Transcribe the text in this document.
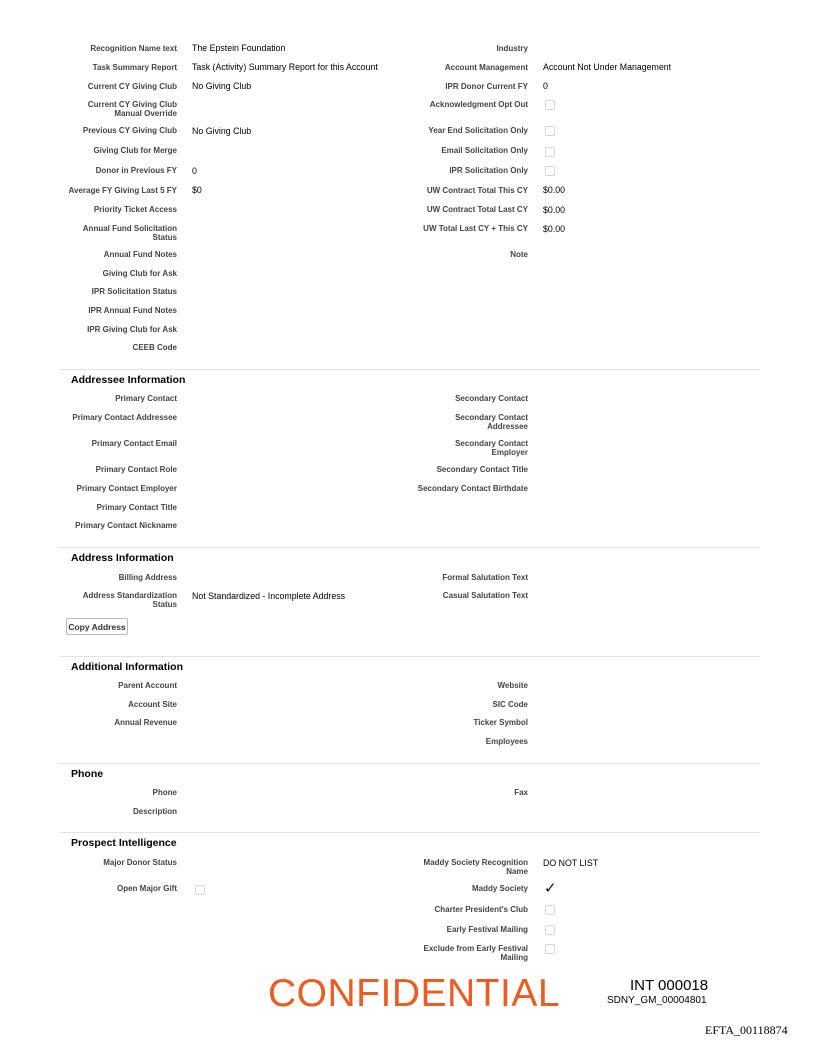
Recognition Name text The Epstein Foundation
Task Summary Report Task (Activity) Summary Report for this Account
Current CY Giving Club No Giving Club
Current CY Giving Club Manual Override
Previous CY Giving Club No Giving Club
Giving Club for Merge
Donor in Previous FY 0
Average FY Giving Last 5 FY $0
Priority Ticket Access
Annual Fund Solicitation Status
Annual Fund Notes
Giving Club for Ask
IPR Solicitation Status
IPR Annual Fund Notes
IPR Giving Club for Ask
CEEB Code
Industry
Account Management Account Not Under Management
IPR Donor Current FY 0
Acknowledgment Opt Out
Year End Solicitation Only
Email Solicitation Only
IPR Solicitation Only
UW Contract Total This CY $0.00
UW Contract Total Last CY $0.00
UW Total Last CY + This CY $0.00
Note
Addressee Information
Primary Contact
Primary Contact Addressee
Primary Contact Email
Primary Contact Role
Primary Contact Employer
Primary Contact Title
Primary Contact Nickname
Secondary Contact
Secondary Contact Addressee
Secondary Contact Employer
Secondary Contact Title
Secondary Contact Birthdate
Address Information
Billing Address
Address Standardization Status
Not Standardized - Incomplete Address
Formal Salutation Text
Casual Salutation Text
Copy Address
Additional Information
Parent Account
Account Site
Annual Revenue
Website
SIC Code
Ticker Symbol
Employees
Phone
Phone
Description
Fax
Prospect Intelligence
Major Donor Status
Open Major Gift
Maddy Society Recognition Name
DO NOT LIST
Maddy Society ✓
Charter President's Club
Early Festival Mailing
Exclude from Early Festival Mailing
CONFIDENTIAL	INT 000018
SDNY_GM_00004801
EFTA_00118874
